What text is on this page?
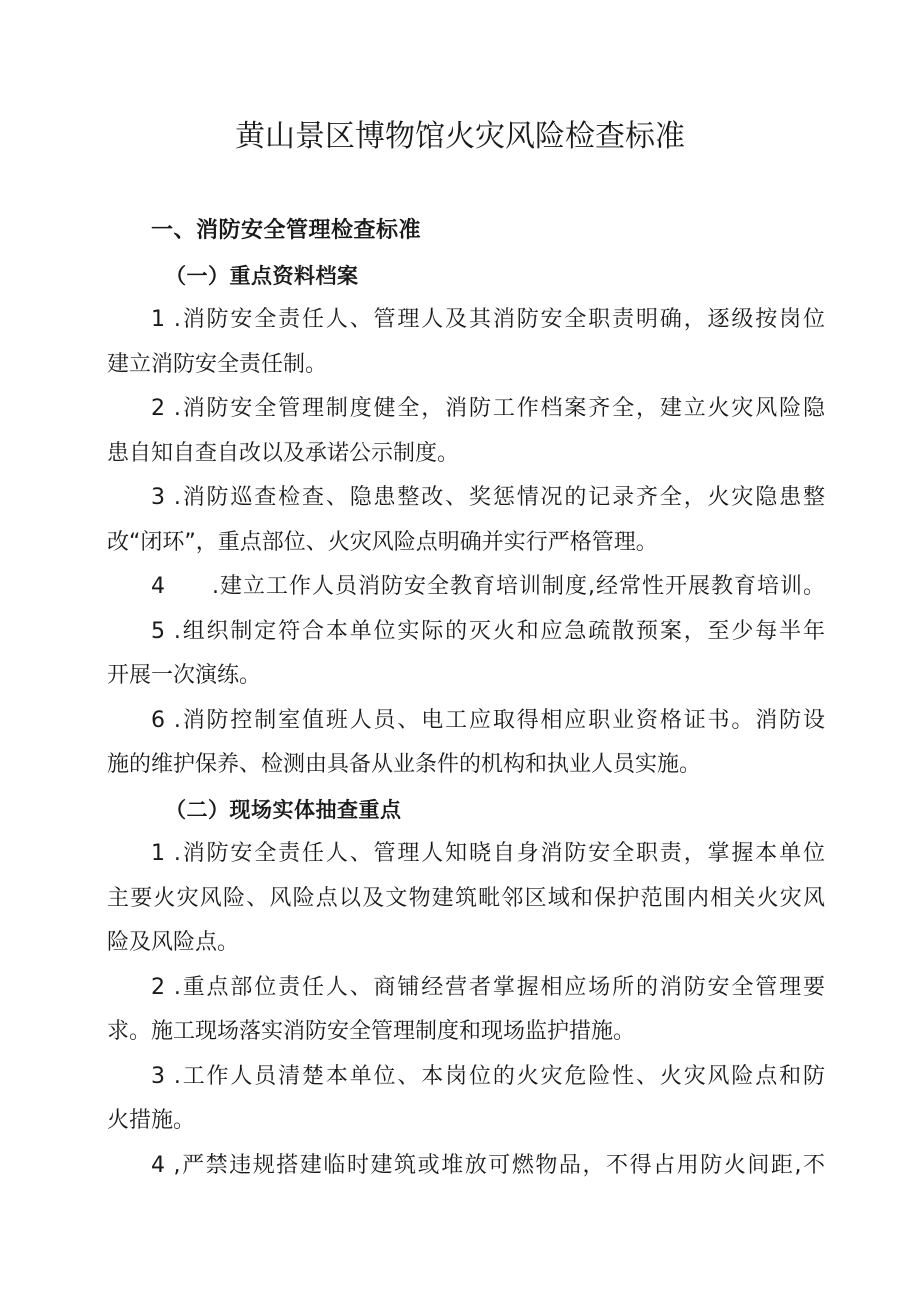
黄山景区博物馆火灾风险检查标准
一、消防安全管理检查标准
（一）重点资料档案
1 .消防安全责任人、管理人及其消防安全职责明确，逐级按岗位
建立消防安全责任制。
2 .消防安全管理制度健全，消防工作档案齐全，建立火灾风险隐
患自知自查自改以及承诺公示制度。
3 .消防巡查检查、隐患整改、奖惩情况的记录齐全，火灾隐患整
改“闭环”，重点部位、火灾风险点明确并实行严格管理。
4　　.建立工作人员消防安全教育培训制度,经常性开展教育培训。
5 .组织制定符合本单位实际的灭火和应急疏散预案，至少每半年
开展一次演练。
6 .消防控制室值班人员、电工应取得相应职业资格证书。消防设
施的维护保养、检测由具备从业条件的机构和执业人员实施。
（二）现场实体抽查重点
1 .消防安全责任人、管理人知晓自身消防安全职责，掌握本单位
主要火灾风险、风险点以及文物建筑毗邻区域和保护范围内相关火灾风
险及风险点。
2 .重点部位责任人、商铺经营者掌握相应场所的消防安全管理要
求。施工现场落实消防安全管理制度和现场监护措施。
3 .工作人员清楚本单位、本岗位的火灾危险性、火灾风险点和防
火措施。
4 ,严禁违规搭建临时建筑或堆放可燃物品，不得占用防火间距,不
